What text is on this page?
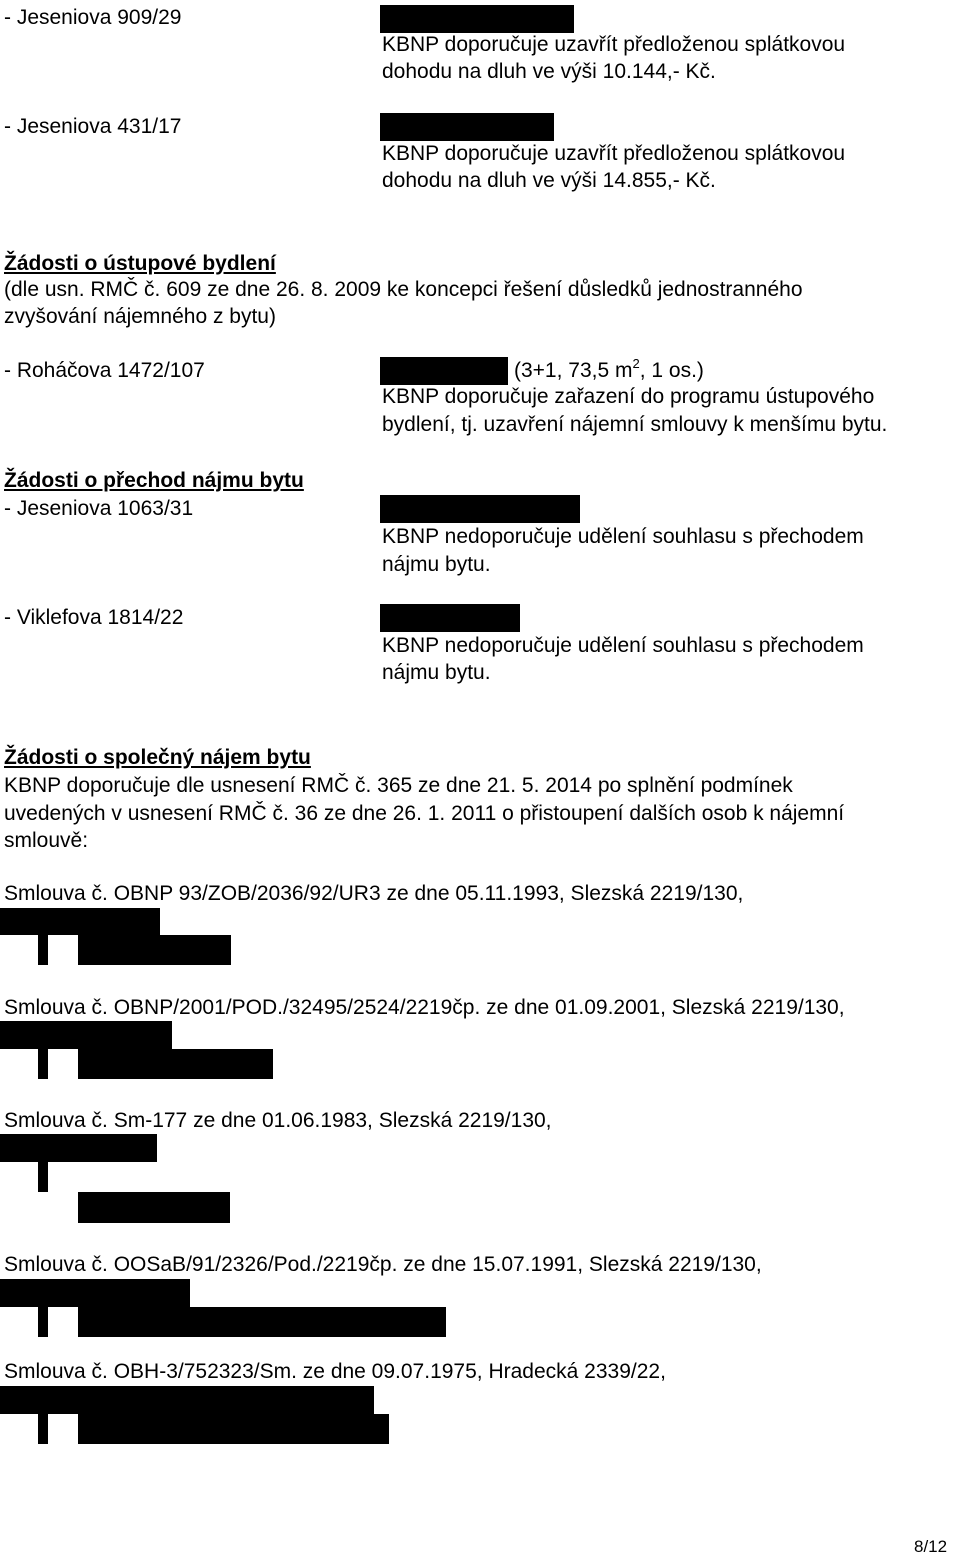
- Jeseniova 909/29
KBNP doporučuje uzavřít předloženou splátkovou
dohodu na dluh ve výši 10.144,- Kč.
- Jeseniova 431/17
KBNP doporučuje uzavřít předloženou splátkovou
dohodu na dluh ve výši 14.855,- Kč.
Žádosti o ústupové bydlení
(dle usn. RMČ č. 609 ze dne 26. 8. 2009 ke koncepci řešení důsledků jednostranného
zvyšování nájemného z bytu)
- Roháčova 1472/107	(3+1, 73,5 $m^2$, 1 os.)
KBNP doporučuje zařazení do programu ústupového
bydlení, tj. uzavření nájemní smlouvy k menšímu bytu.
Žádosti o přechod nájmu bytu
- Jeseniova 1063/31
KBNP nedoporučuje udělení souhlasu s přechodem
nájmu bytu.
- Viklefova 1814/22
KBNP nedoporučuje udělení souhlasu s přechodem
nájmu bytu.
Žádosti o společný nájem bytu
KBNP doporučuje dle usnesení RMČ č. 365 ze dne 21. 5. 2014 po splnění podmínek
uvedených v usnesení RMČ č. 36 ze dne 26. 1. 2011 o přistoupení dalších osob k nájemní
smlouvě:
Smlouva č. OBNP 93/ZOB/2036/92/UR3 ze dne 05.11.1993, Slezská 2219/130,
Smlouva č. OBNP/2001/POD./32495/2524/2219čp. ze dne 01.09.2001, Slezská 2219/130,
Smlouva č. Sm-177 ze dne 01.06.1983, Slezská 2219/130,
Smlouva č. OOSaB/91/2326/Pod./2219čp. ze dne 15.07.1991, Slezská 2219/130,
Smlouva č. OBH-3/752323/Sm. ze dne 09.07.1975, Hradecká 2339/22,
8/12
